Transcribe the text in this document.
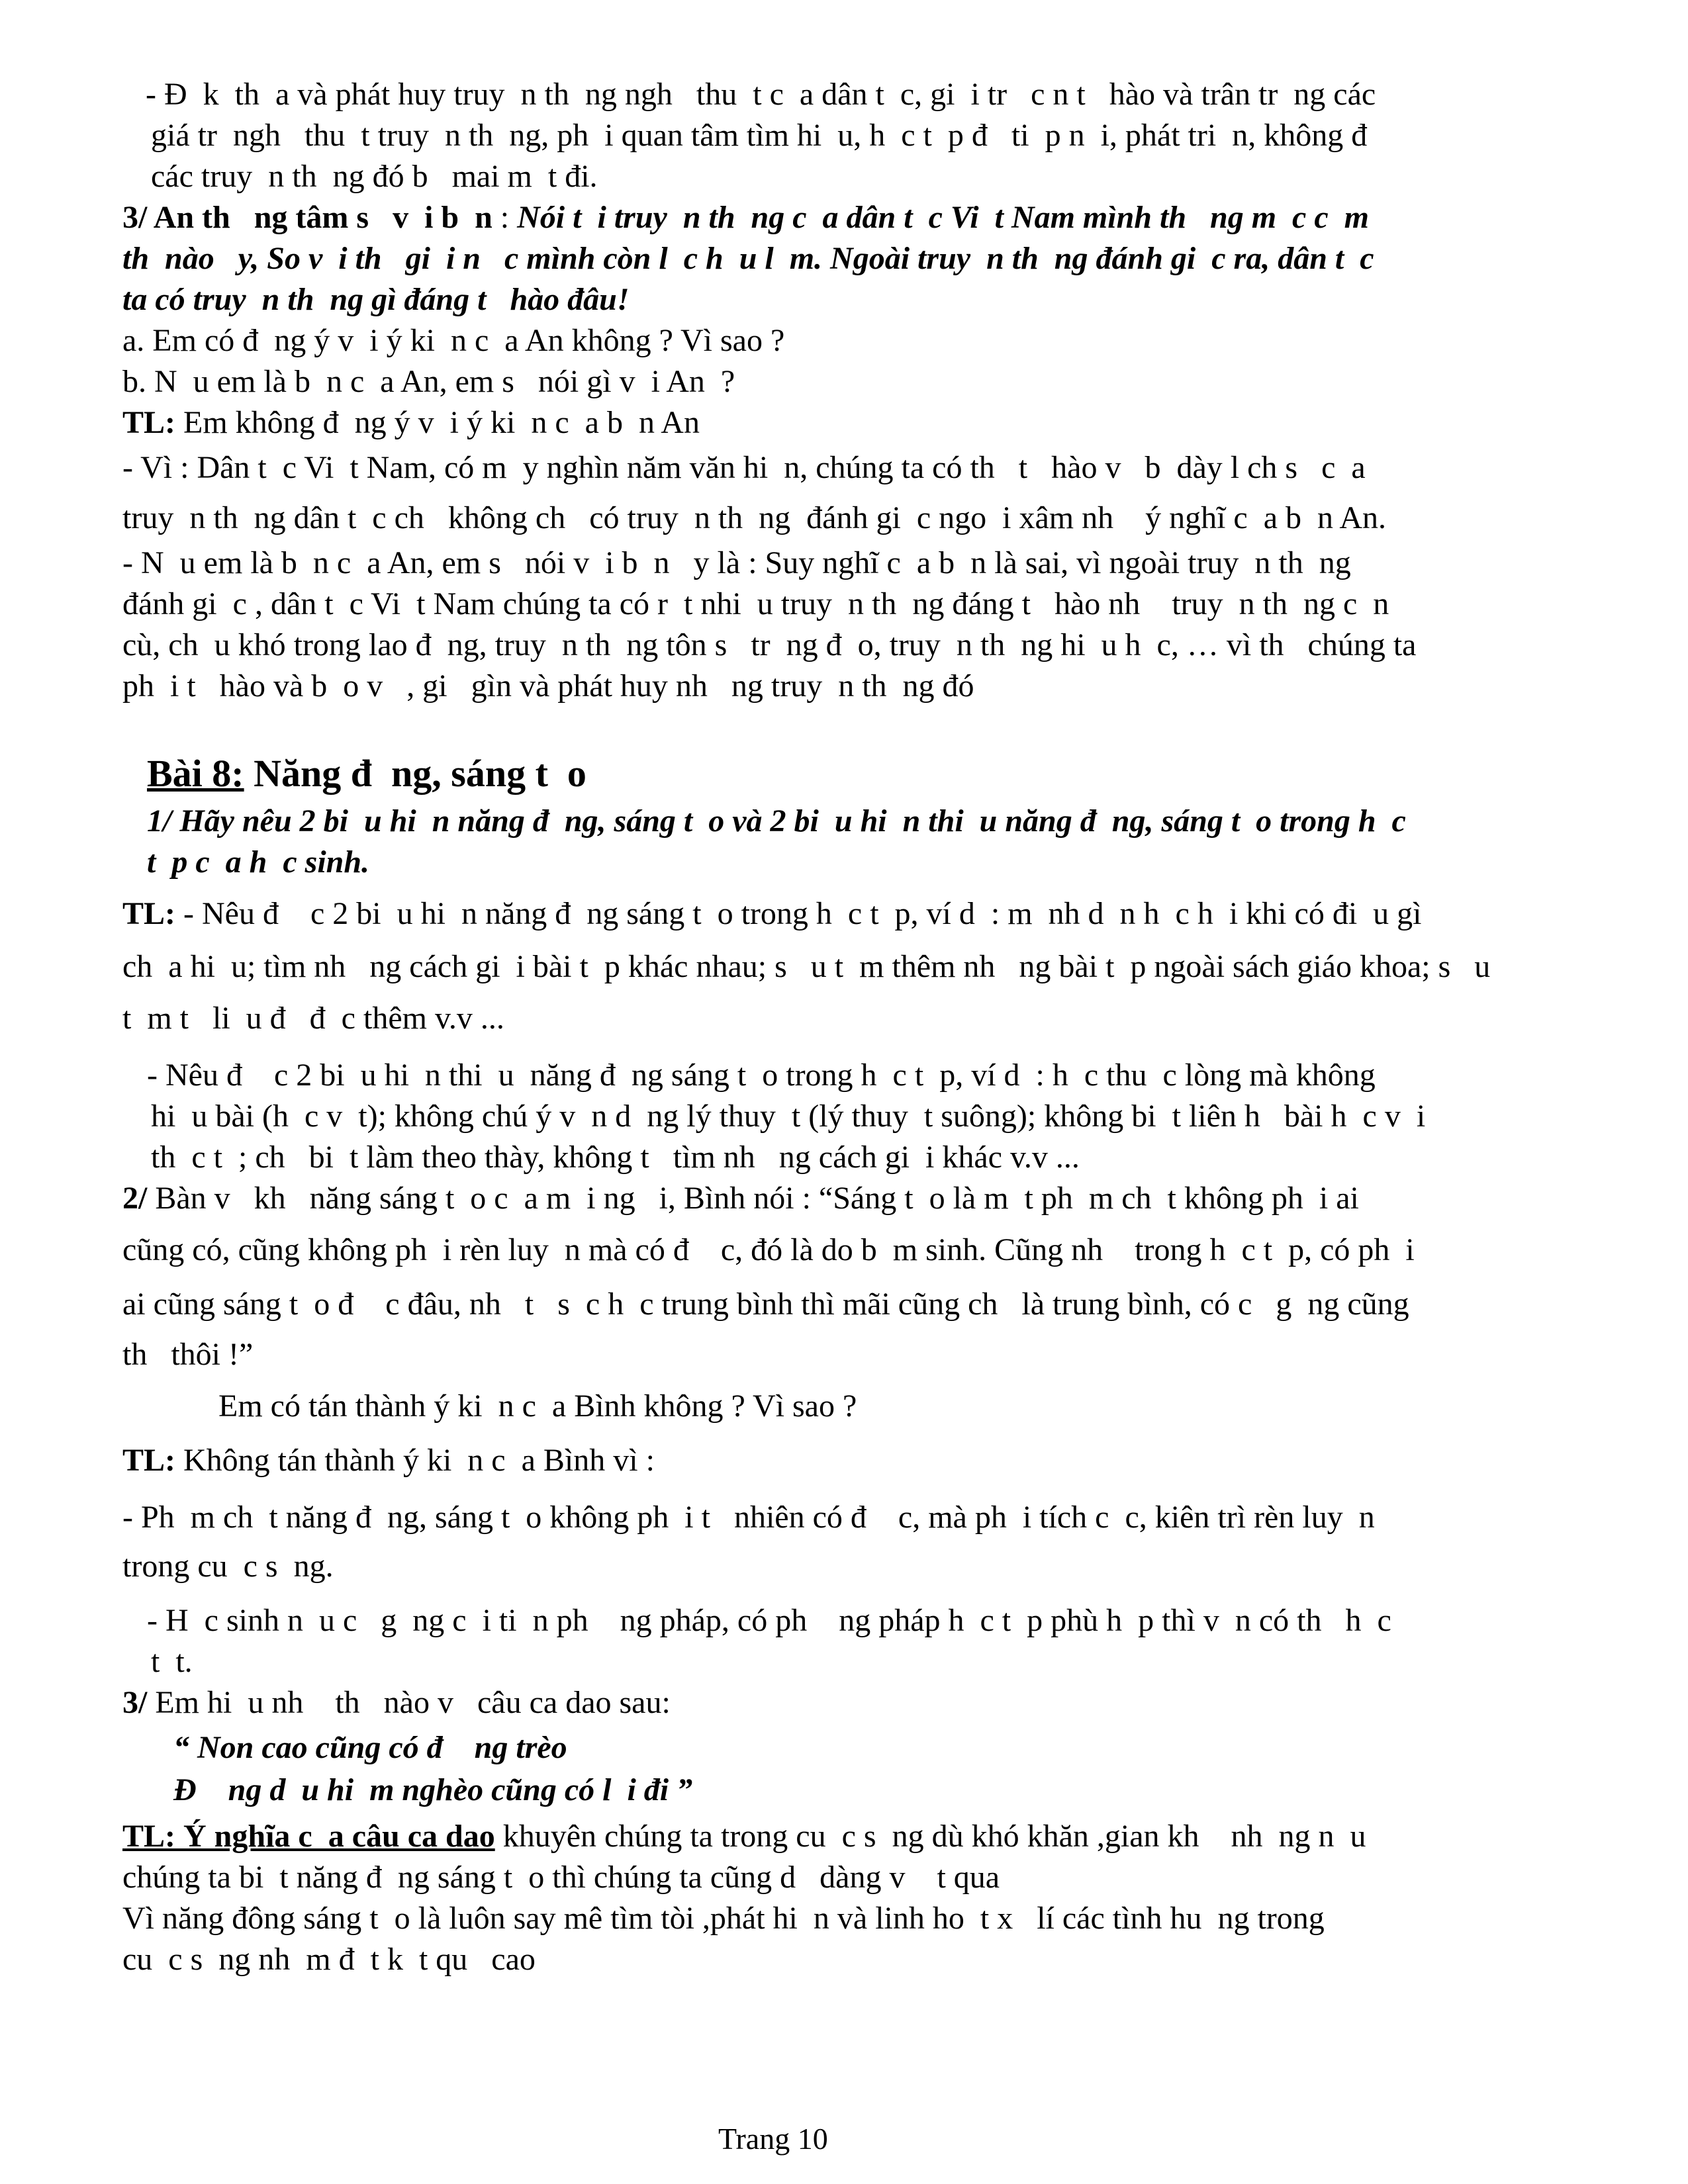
- Đ  k  th  a và phát huy truy  n th  ng ngh   thu  t c  a dân t  c, gi  i tr   c n t   hào và trân tr  ng các
giá tr  ngh   thu  t truy  n th  ng, ph  i quan tâm tìm hi  u, h  c t  p đ   ti  p n  i, phát tri  n, không đ
các truy  n th  ng đó b   mai m  t đi.
3/ An th   ng tâm s   v  i b  n : Nói t  i truy  n th  ng c  a dân t  c Vi  t Nam mình th   ng m  c c  m
th  nào   y, So v  i th   gi  i n   c mình còn l  c h  u l  m. Ngoài truy  n th  ng đánh gi  c ra, dân t  c
ta có truy  n th  ng gì đáng t   hào đâu!
a. Em có đ  ng ý v  i ý ki  n c  a An không ? Vì sao ?
b. N  u em là b  n c  a An, em s   nói gì v  i An  ?
TL: Em không đ  ng ý v  i ý ki  n c  a b  n An
- Vì : Dân t  c Vi  t Nam, có m  y nghìn năm văn hi  n, chúng ta có th   t   hào v   b  dày l ch s   c  a
truy  n th  ng dân t  c ch   không ch   có truy  n th  ng  đánh gi  c ngo  i xâm nh    ý nghĩ c  a b  n An.
- N  u em là b  n c  a An, em s   nói v  i b  n   y là : Suy nghĩ c  a b  n là sai, vì ngoài truy  n th  ng
đánh gi  c , dân t  c Vi  t Nam chúng ta có r  t nhi  u truy  n th  ng đáng t   hào nh    truy  n th  ng c  n
cù, ch  u khó trong lao đ  ng, truy  n th  ng tôn s   tr  ng đ  o, truy  n th  ng hi  u h  c, … vì th   chúng ta
ph  i t   hào và b  o v   , gi   gìn và phát huy nh   ng truy  n th  ng đó
Bài 8: Năng đ  ng, sáng t  o
1/ Hãy nêu 2 bi  u hi  n năng đ  ng, sáng t  o và 2 bi  u hi  n thi  u năng đ  ng, sáng t  o trong h  c
t  p c  a h  c sinh.
TL: - Nêu đ    c 2 bi  u hi  n năng đ  ng sáng t  o trong h  c t  p, ví d  : m  nh d  n h  c h  i khi có đi  u gì
ch  a hi  u; tìm nh   ng cách gi  i bài t  p khác nhau; s   u t  m thêm nh   ng bài t  p ngoài sách giáo khoa; s   u
t  m t   li  u đ   đ  c thêm v.v ...
- Nêu đ    c 2 bi  u hi  n thi  u  năng đ  ng sáng t  o trong h  c t  p, ví d  : h  c thu  c lòng mà không
hi  u bài (h  c v  t); không chú ý v  n d  ng lý thuy  t (lý thuy  t suông); không bi  t liên h   bài h  c v  i
th  c t  ; ch   bi  t làm theo thày, không t   tìm nh   ng cách gi  i khác v.v ...
2/ Bàn v   kh   năng sáng t  o c  a m  i ng   i, Bình nói : “Sáng t  o là m  t ph  m ch  t không ph  i ai
cũng có, cũng không ph  i rèn luy  n mà có đ    c, đó là do b  m sinh. Cũng nh    trong h  c t  p, có ph  i
ai cũng sáng t  o đ    c đâu, nh   t   s  c h  c trung bình thì mãi cũng ch   là trung bình, có c   g  ng cũng
th   thôi !”
Em có tán thành ý ki  n c  a Bình không ? Vì sao ?
TL: Không tán thành ý ki  n c  a Bình vì :
- Ph  m ch  t năng đ  ng, sáng t  o không ph  i t   nhiên có đ    c, mà ph  i tích c  c, kiên trì rèn luy  n
trong cu  c s  ng.
- H  c sinh n  u c   g  ng c  i ti  n ph    ng pháp, có ph    ng pháp h  c t  p phù h  p thì v  n có th   h  c
t  t.
3/ Em hi  u nh    th   nào v   câu ca dao sau:
“ Non cao cũng có đ    ng trèo
Đ    ng d  u hi  m nghèo cũng có l  i đi ”
TL: Ý nghĩa c  a câu ca dao khuyên chúng ta trong cu  c s  ng dù khó khăn ,gian kh    nh  ng n  u
chúng ta bi  t năng đ  ng sáng t  o thì chúng ta cũng d   dàng v    t qua
Vì năng đông sáng t  o là luôn say mê tìm tòi ,phát hi  n và linh ho  t x   lí các tình hu  ng trong
cu  c s  ng nh  m đ  t k  t qu   cao
Trang 10
